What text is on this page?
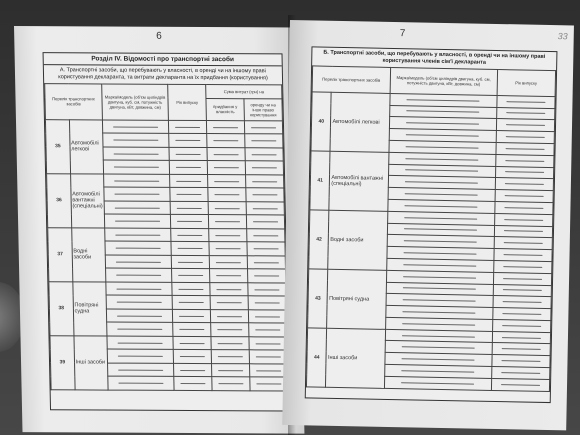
6
Розділ IV. Відомості про транспортні засоби
А. Транспортні засоби, що перебувають у власності, в оренді чи на іншому праві користування декларанта, та витрати декларанта на їх придбання (користування)
Перелік транспортних засобів		Марка/модель (об'єм циліндрів двигуна, куб. см, потужність двигуна, кВт, довжина, см)	Рік випуску	Сума витрат (грн) на	
				придбання у власність	оренду чи на інше право користування
35	Автомобілі легкові	

36	Автомобілі вантажні (спеціальні)	

37	Водні засоби	

38	Повітряні судна	

39	Інші засоби	

7	33
Б. Транспортні засоби, що перебувають у власності, в оренді чи на іншому праві користування членів сім'ї декларанта
Перелік транспортних засобів		Марка/модель (об'єм циліндрів двигуна, куб. см, потужність двигуна, кВт, довжина, см)	Рік випуску
40	Автомобілі легкові	

41	Автомобілі вантажні (спеціальні)	

42	Водні засоби	

43	Повітряні судна	

44	Інші засоби	
